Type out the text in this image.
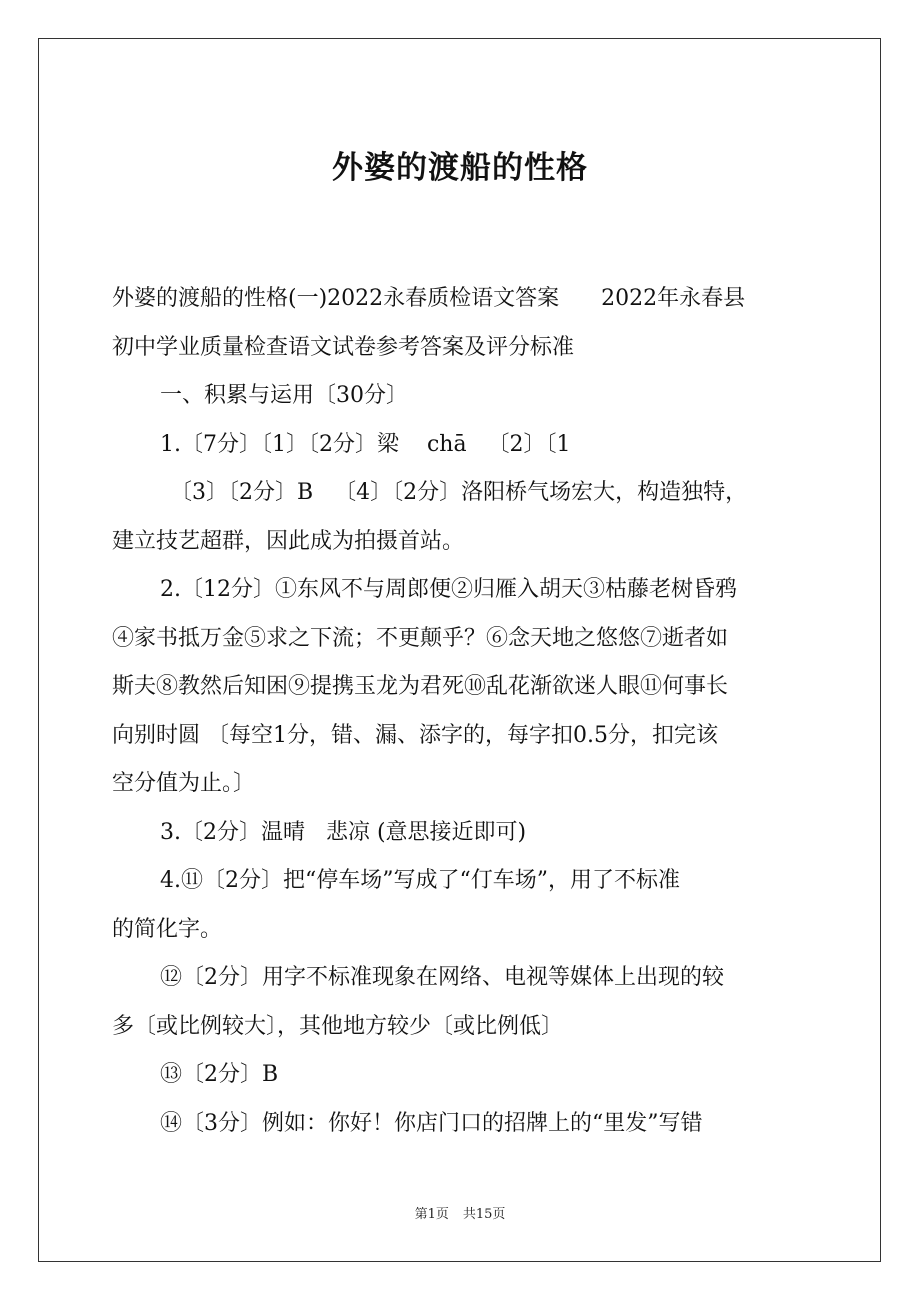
外婆的渡船的性格
外婆的渡船的性格(一)2022永春质检语文答案      2022年永春县
初中学业质量检查语文试卷参考答案及评分标准
一、积累与运用〔30分〕
1.〔7分〕〔1〕〔2分〕梁    chā   〔2〕〔1
〔3〕〔2分〕B   〔4〕〔2分〕洛阳桥气场宏大，构造独特，
建立技艺超群，因此成为拍摄首站。
2.〔12分〕①东风不与周郎便②归雁入胡天③枯藤老树昏鸦
④家书抵万金⑤求之下流；不更颠乎？⑥念天地之悠悠⑦逝者如
斯夫⑧教然后知困⑨提携玉龙为君死⑩乱花渐欲迷人眼⑪何事长
向别时圆 〔每空1分，错、漏、添字的，每字扣0.5分，扣完该
空分值为止。〕
3.〔2分〕温晴   悲凉 (意思接近即可)
4.⑪〔2分〕把“停车场”写成了“仃车场”，用了不标准
的简化字。
⑫〔2分〕用字不标准现象在网络、电视等媒体上出现的较
多〔或比例较大〕，其他地方较少〔或比例低〕
⑬〔2分〕B
⑭〔3分〕例如：你好！你店门口的招牌上的“里发”写错
第1页 共15页
